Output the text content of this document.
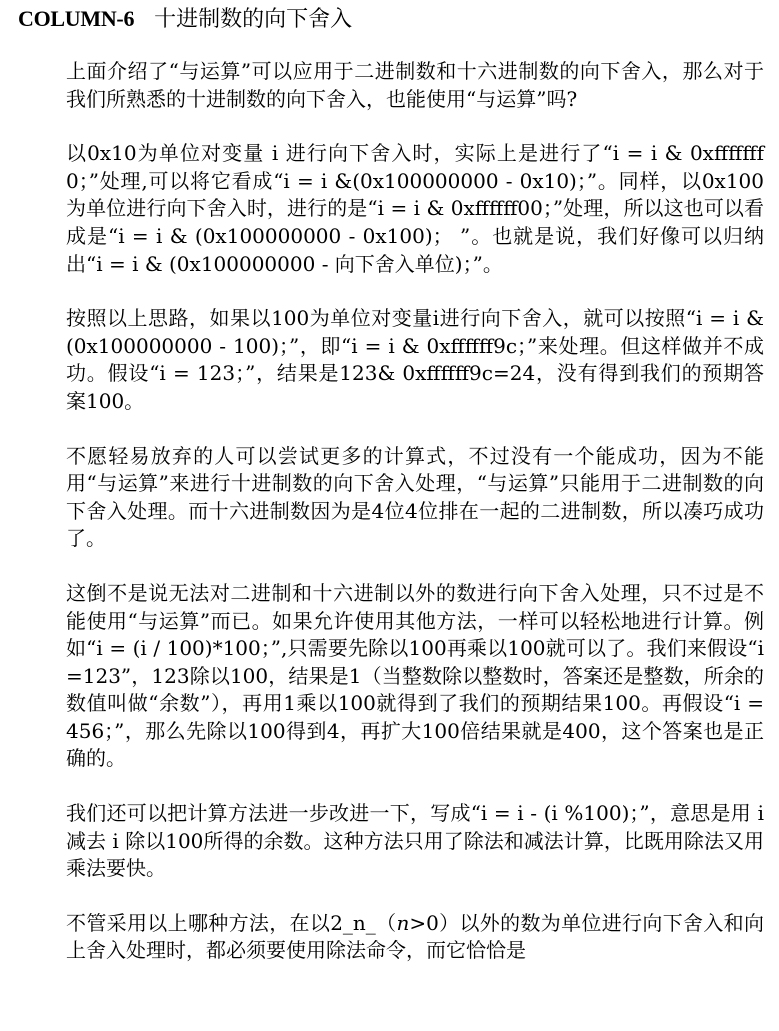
COLUMN-6 十进制数的向下舍入

上面介绍了“与运算”可以应用于二进制数和十六进制数的向下舍入，那么对于我们所熟悉的十进制数的向下舍入，也能使用“与运算”吗?

以0x10为单位对变量 i 进行向下舍入时，实际上是进行了“i = i & 0xfffffff0；”处理,可以将它看成“i = i &(0x100000000 - 0x10)；”。同样，以0x100为单位进行向下舍入时，进行的是“i = i & 0xffffff00；”处理，所以这也可以看成是“i = i & (0x100000000 - 0x100)； ”。也就是说，我们好像可以归纳出“i = i & (0x100000000 - 向下舍入单位)；”。

按照以上思路，如果以100为单位对变量i进行向下舍入，就可以按照“i = i & (0x100000000 - 100)；”，即“i = i & 0xffffff9c；”来处理。但这样做并不成功。假设“i = 123；”，结果是123& 0xffffff9c=24，没有得到我们的预期答案100。

不愿轻易放弃的人可以尝试更多的计算式，不过没有一个能成功，因为不能用“与运算”来进行十进制数的向下舍入处理，“与运算”只能用于二进制数的向下舍入处理。而十六进制数因为是4位4位排在一起的二进制数，所以凑巧成功了。

这倒不是说无法对二进制和十六进制以外的数进行向下舍入处理，只不过是不能使用“与运算”而已。如果允许使用其他方法，一样可以轻松地进行计算。例如“i = (i / 100)*100；”,只需要先除以100再乘以100就可以了。我们来假设“i=123”，123除以100，结果是1（当整数除以整数时，答案还是整数，所余的数值叫做“余数”），再用1乘以100就得到了我们的预期结果100。再假设“i = 456；”，那么先除以100得到4，再扩大100倍结果就是400，这个答案也是正确的。

我们还可以把计算方法进一步改进一下，写成“i = i - (i %100)；”，意思是用 i 减去 i 除以100所得的余数。这种方法只用了除法和减法计算，比既用除法又用乘法要快。

不管采用以上哪种方法，在以2_n_（n>0）以外的数为单位进行向下舍入和向上舍入处理时，都必须要使用除法命令，而它恰恰是
